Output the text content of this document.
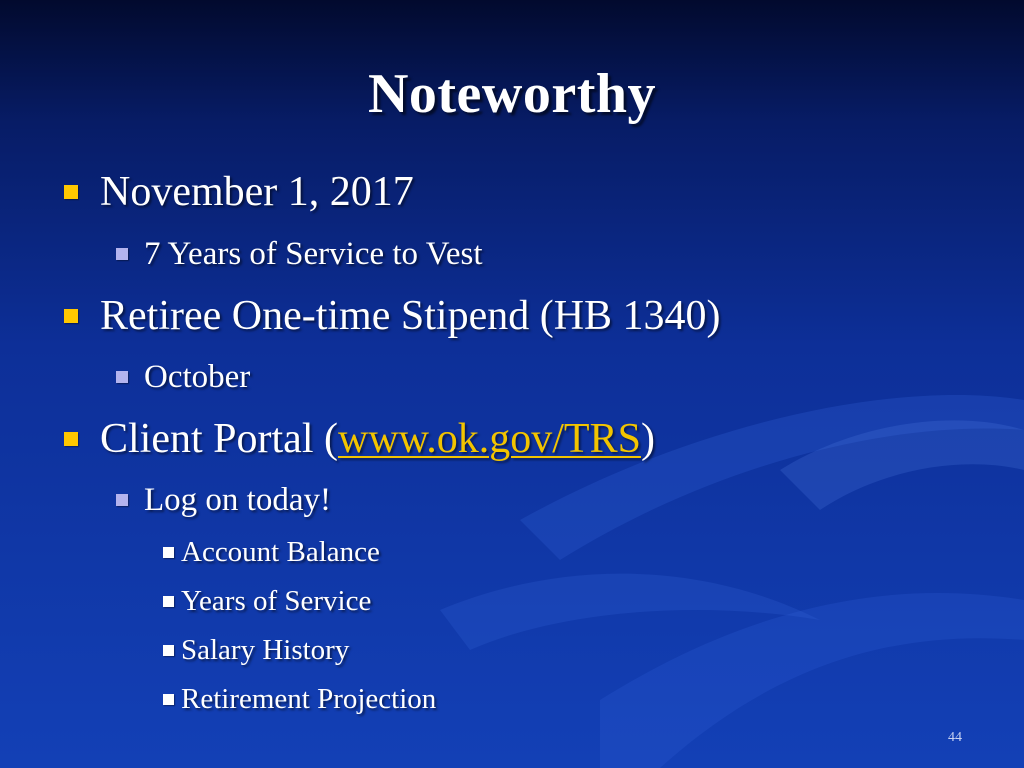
Noteworthy
November 1, 2017
7 Years of Service to Vest
Retiree One-time Stipend (HB 1340)
October
Client Portal (www.ok.gov/TRS)
Log on today!
Account Balance
Years of Service
Salary History
Retirement Projection
44
